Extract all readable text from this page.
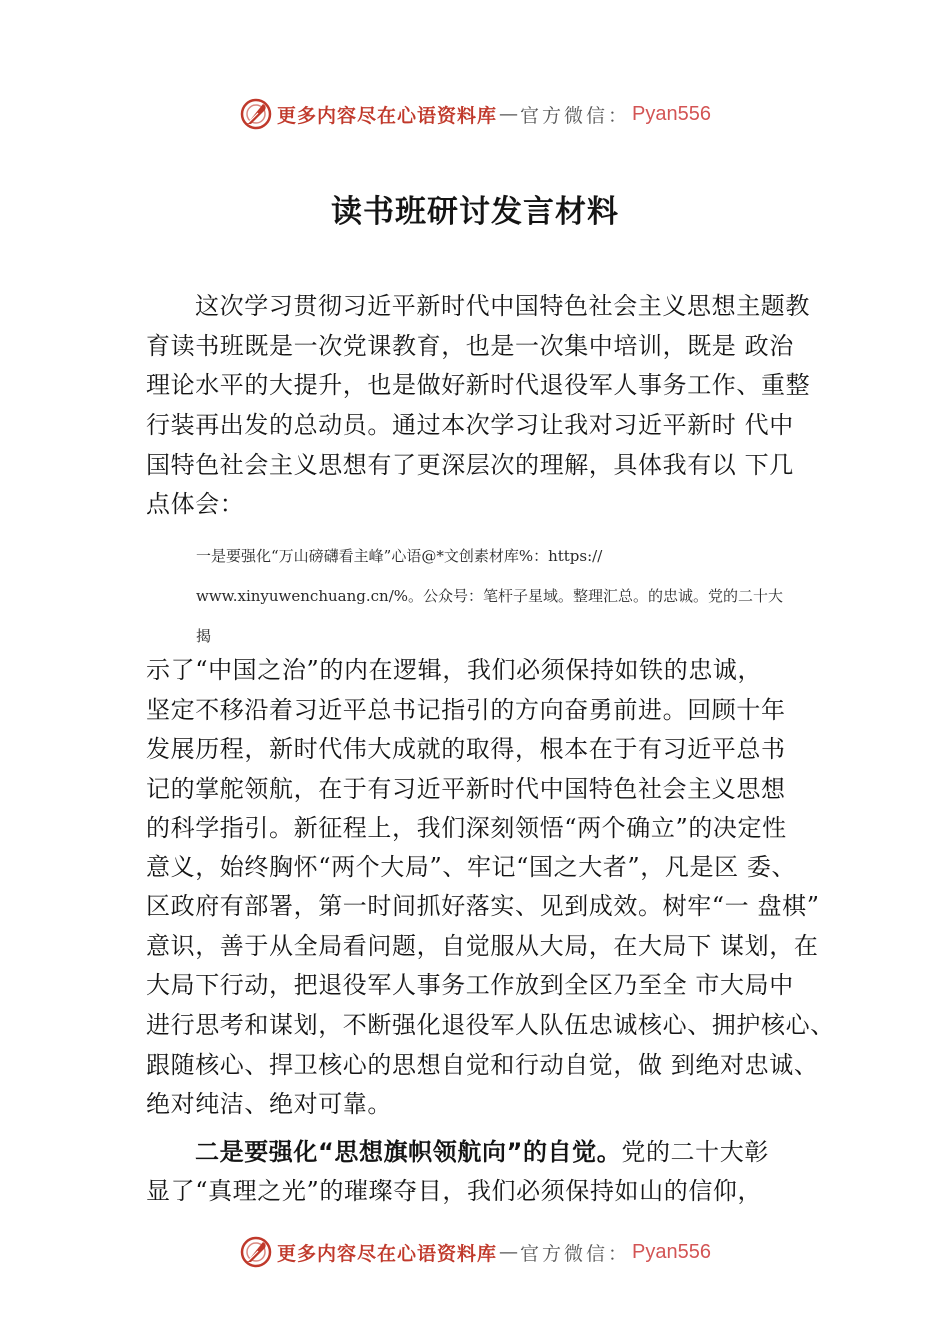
更多内容尽在心语资料库 — 官方微信： Pyan556
读书班研讨发言材料

这次学习贯彻习近平新时代中国特色社会主义思想主题教

育读书班既是一次党课教育，也是一次集中培训，既是 政治

理论水平的大提升，也是做好新时代退役军人事务工作、重整

行装再出发的总动员。通过本次学习让我对习近平新时 代中

国特色社会主义思想有了更深层次的理解，具体我有以 下几

点体会：

一是要强化“万山磅礴看主峰”心语@*文创素材库%：https://

www.xinyuwenchuang.cn/%。公众号：笔杆子星域。整理汇总。的忠诚。党的二十大

揭

示了“中国之治”的内在逻辑，我们必须保持如铁的忠诚，

坚定不移沿着习近平总书记指引的方向奋勇前进。回顾十年

发展历程，新时代伟大成就的取得，根本在于有习近平总书

记的掌舵领航，在于有习近平新时代中国特色社会主义思想

的科学指引。新征程上，我们深刻领悟“两个确立”的决定性

意义，始终胸怀“两个大局”、牢记“国之大者”，凡是区 委、

区政府有部署，第一时间抓好落实、见到成效。树牢“一 盘棋”

意识，善于从全局看问题，自觉服从大局，在大局下 谋划，在

大局下行动，把退役军人事务工作放到全区乃至全 市大局中

进行思考和谋划，不断强化退役军人队伍忠诚核心、拥护核心、

跟随核心、捍卫核心的思想自觉和行动自觉，做 到绝对忠诚、

绝对纯洁、绝对可靠。

二是要强化“思想旗帜领航向”的自觉。党的二十大彰

显了“真理之光”的璀璨夺目，我们必须保持如山的信仰，

更多内容尽在心语资料库 — 官方微信： Pyan556
